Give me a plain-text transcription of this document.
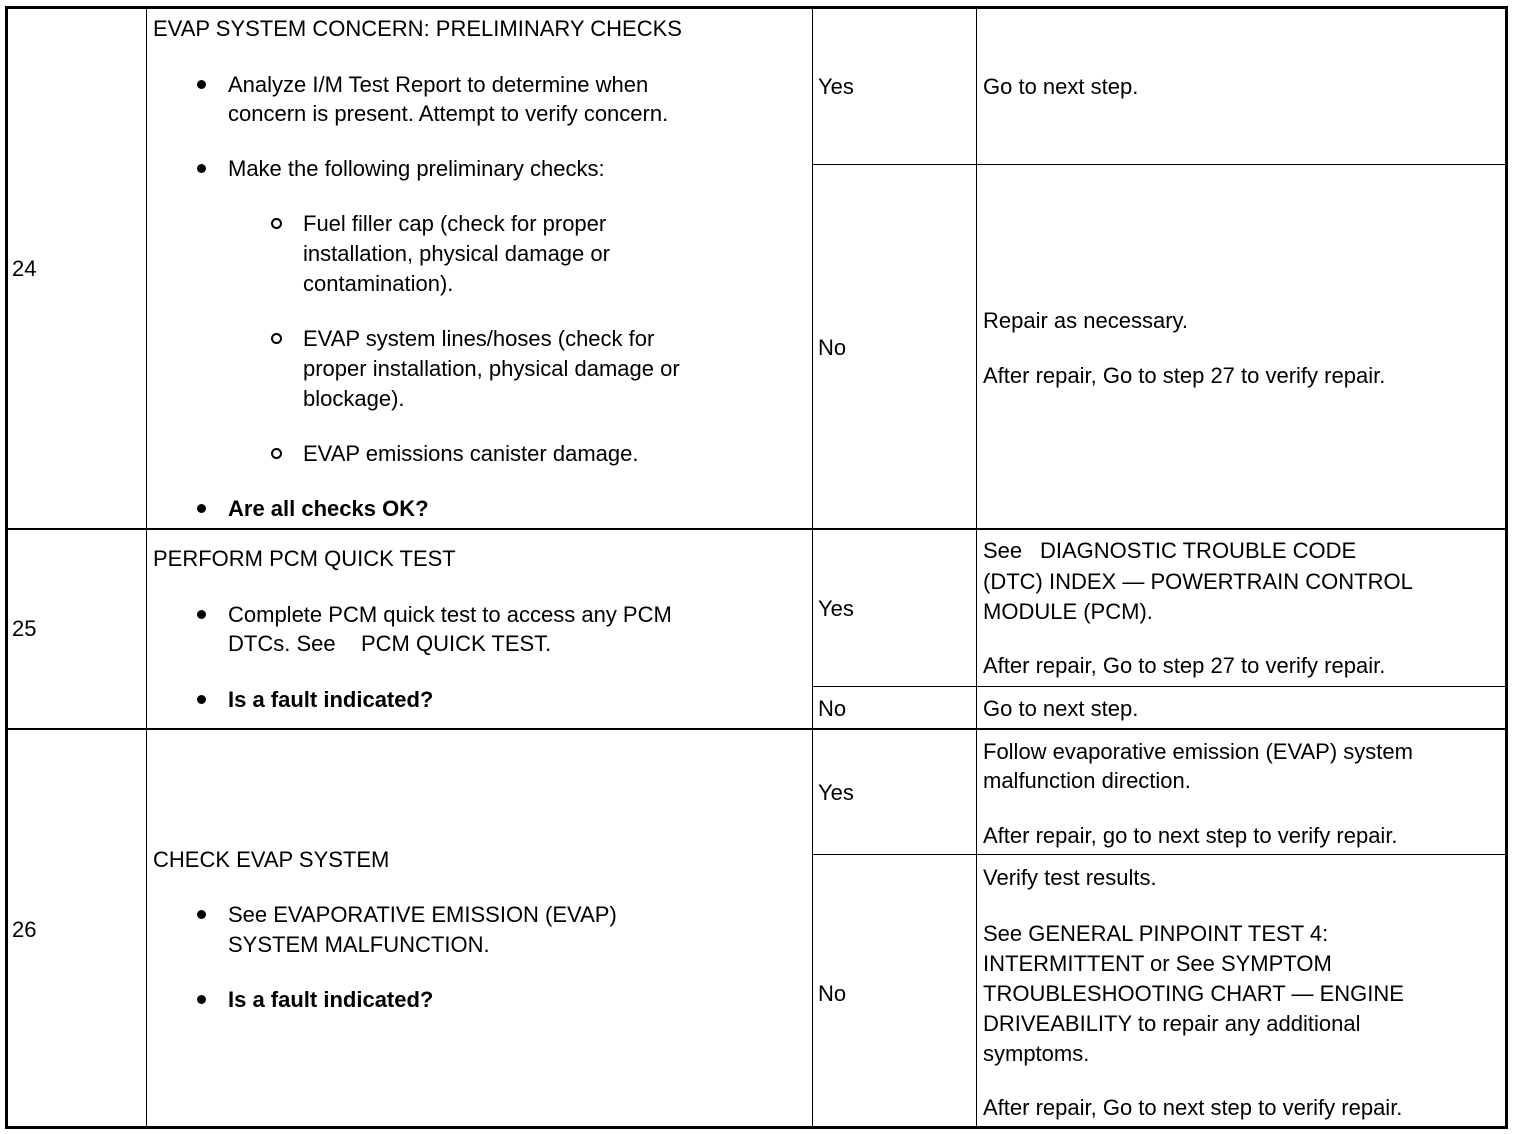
24
EVAP SYSTEM CONCERN: PRELIMINARY CHECKS
Analyze I/M Test Report to determine when
concern is present. Attempt to verify concern.
Make the following preliminary checks:
Fuel filler cap (check for proper
installation, physical damage or
contamination).
EVAP system lines/hoses (check for
proper installation, physical damage or
blockage).
EVAP emissions canister damage.
Are all checks OK?
Yes	Go to next step.
No
Repair as necessary.
After repair, Go to step 27 to verify repair.
25
PERFORM PCM QUICK TEST
Complete PCM quick test to access any PCM
DTCs. See PCM QUICK TEST.
Is a fault indicated?
Yes
See DIAGNOSTIC TROUBLE CODE
(DTC) INDEX — POWERTRAIN CONTROL
MODULE (PCM).
After repair, Go to step 27 to verify repair.
No	Go to next step.
26
CHECK EVAP SYSTEM
See EVAPORATIVE EMISSION (EVAP)
SYSTEM MALFUNCTION.
Is a fault indicated?
Yes
Follow evaporative emission (EVAP) system
malfunction direction.
After repair, go to next step to verify repair.
No
Verify test results.
See GENERAL PINPOINT TEST 4:
INTERMITTENT or See SYMPTOM
TROUBLESHOOTING CHART — ENGINE
DRIVEABILITY to repair any additional
symptoms.
After repair, Go to next step to verify repair.
